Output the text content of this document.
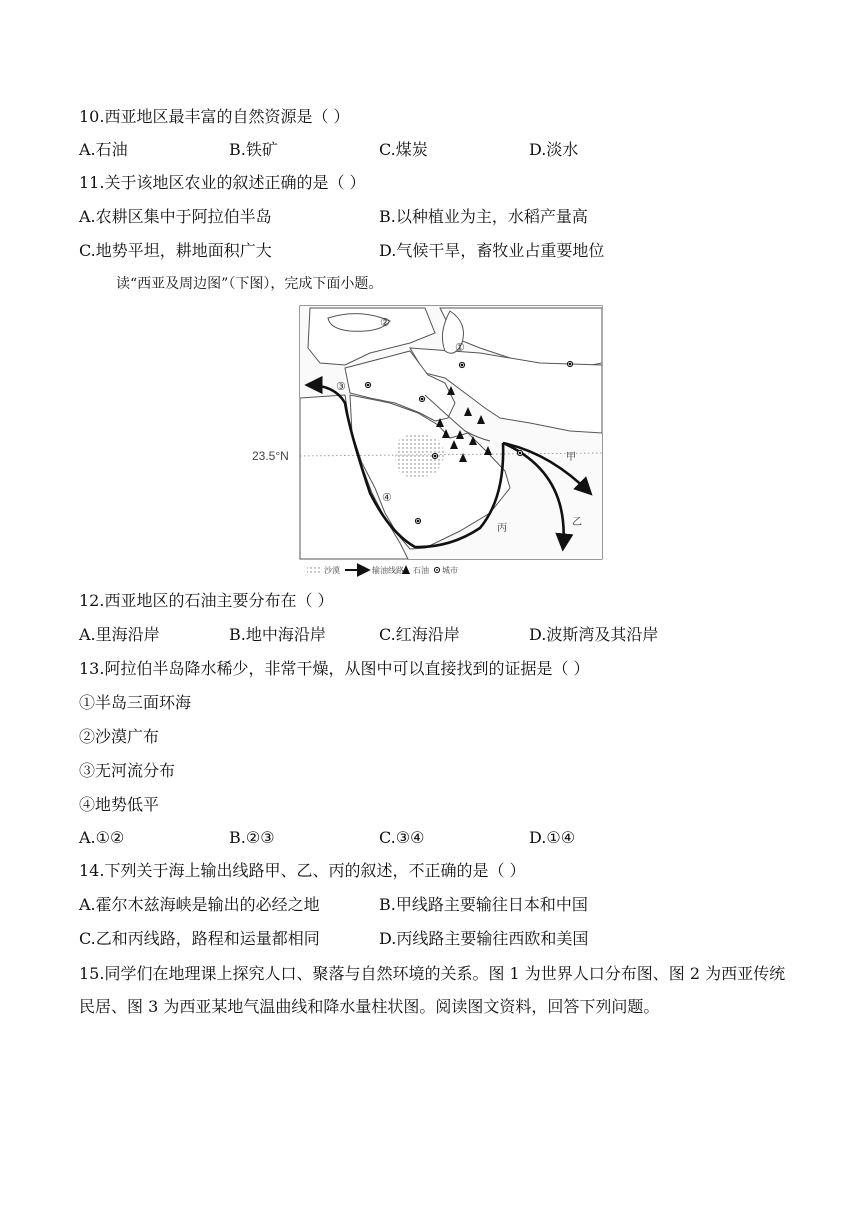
10.西亚地区最丰富的自然资源是（ ）
A.石油	B.铁矿	C.煤炭	D.淡水
11.关于该地区农业的叙述正确的是（ ）
A.农耕区集中于阿拉伯半岛	B.以种植业为主，水稻产量高
C.地势平坦，耕地面积广大	D.气候干旱，畜牧业占重要地位
读“西亚及周边图”（下图），完成下面小题。
②
①
③
④
甲
乙
丙
23.5°N
沙漠	输油线路 石油 城市
12.西亚地区的石油主要分布在（ ）
A.里海沿岸	B.地中海沿岸	C.红海沿岸	D.波斯湾及其沿岸
13.阿拉伯半岛降水稀少，非常干燥，从图中可以直接找到的证据是（ ）
①半岛三面环海
②沙漠广布
③无河流分布
④地势低平
A.①②	B.②③	C.③④	D.①④
14.下列关于海上输出线路甲、乙、丙的叙述，不正确的是（ ）
A.霍尔木兹海峡是输出的必经之地	B.甲线路主要输往日本和中国
C.乙和丙线路，路程和运量都相同	D.丙线路主要输往西欧和美国
15.同学们在地理课上探究人口、聚落与自然环境的关系。图 1 为世界人口分布图、图 2 为西亚传统民居、图 3 为西亚某地气温曲线和降水量柱状图。阅读图文资料，回答下列问题。
